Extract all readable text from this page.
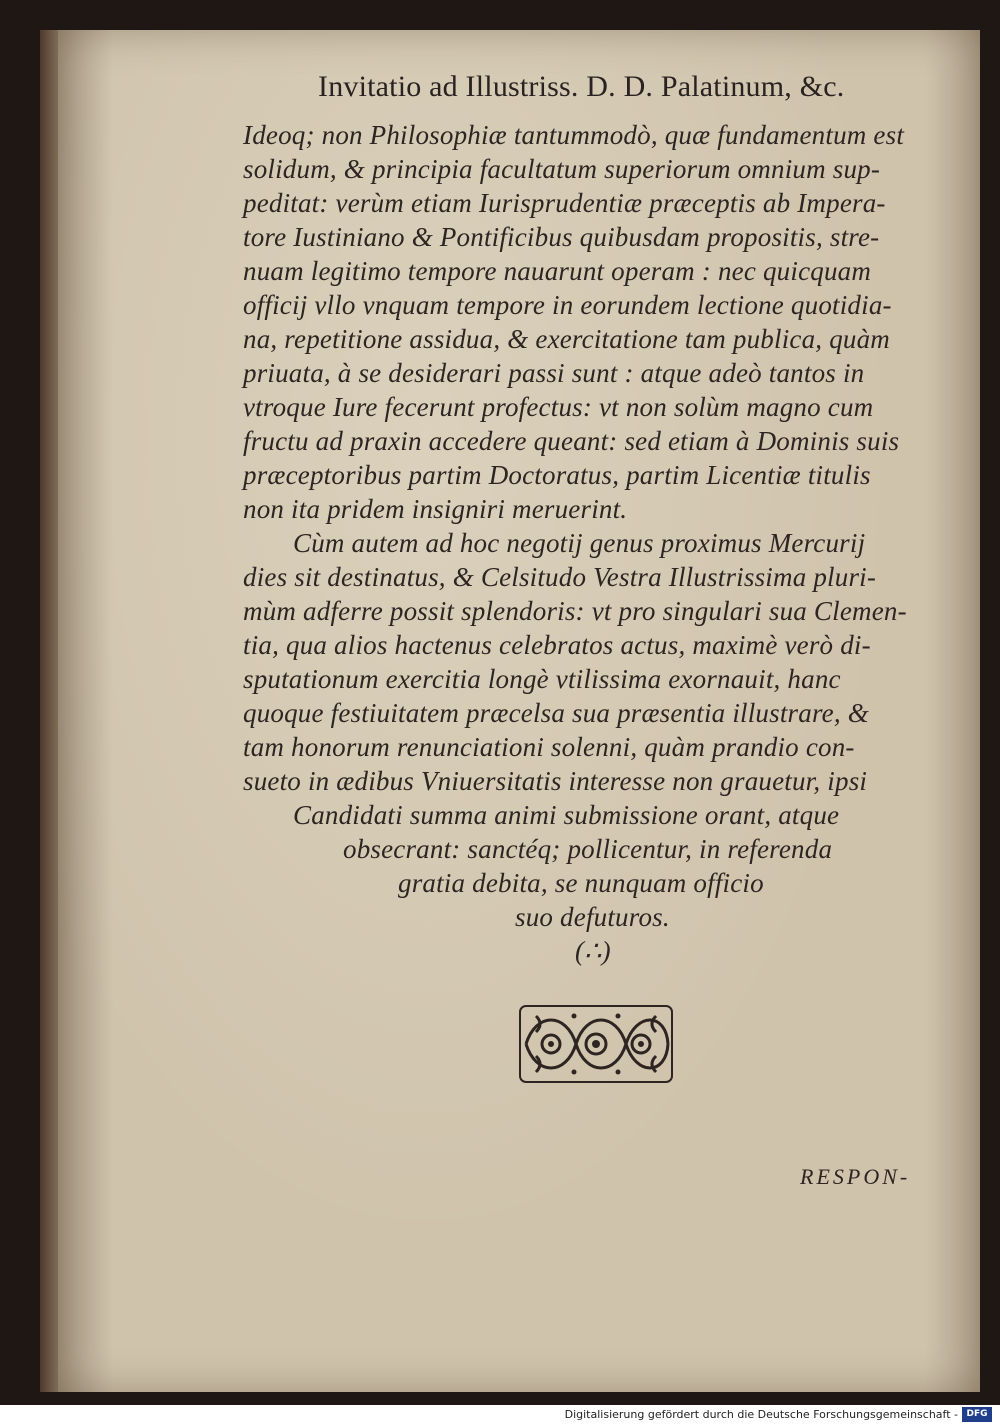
Invitatio ad Illustriss. D. D. Palatinum, &c.
Ideoq; non Philosophiæ tantummodò, quæ fundamentum est
solidum, & principia facultatum superiorum omnium sup-
peditat: verùm etiam Iurisprudentiæ præceptis ab Impera-
tore Iustiniano & Pontificibus quibusdam propositis, stre-
nuam legitimo tempore nauarunt operam : nec quicquam
officij vllo vnquam tempore in eorundem lectione quotidia-
na, repetitione assidua, & exercitatione tam publica, quàm
priuata, à se desiderari passi sunt : atque adeò tantos in
vtroque Iure fecerunt profectus: vt non solùm magno cum
fructu ad praxin accedere queant: sed etiam à Dominis suis
præceptoribus partim Doctoratus, partim Licentiæ titulis
non ita pridem insigniri meruerint.
Cùm autem ad hoc negotij genus proximus Mercurij
dies sit destinatus, & Celsitudo Vestra Illustrissima pluri-
mùm adferre possit splendoris: vt pro singulari sua Clemen-
tia, qua alios hactenus celebratos actus, maximè verò di-
sputationum exercitia longè vtilissima exornauit, hanc
quoque festiuitatem præcelsa sua præsentia illustrare, &
tam honorum renunciationi solenni, quàm prandio con-
sueto in ædibus Vniuersitatis interesse non grauetur, ipsi
Candidati summa animi submissione orant, atque
obsecrant: sanctéq; pollicentur, in referenda
gratia debita, se nunquam officio
suo defuturos.
(∴)
RESPON-
Digitalisierung gefördert durch die Deutsche Forschungsgemeinschaft - DFG
